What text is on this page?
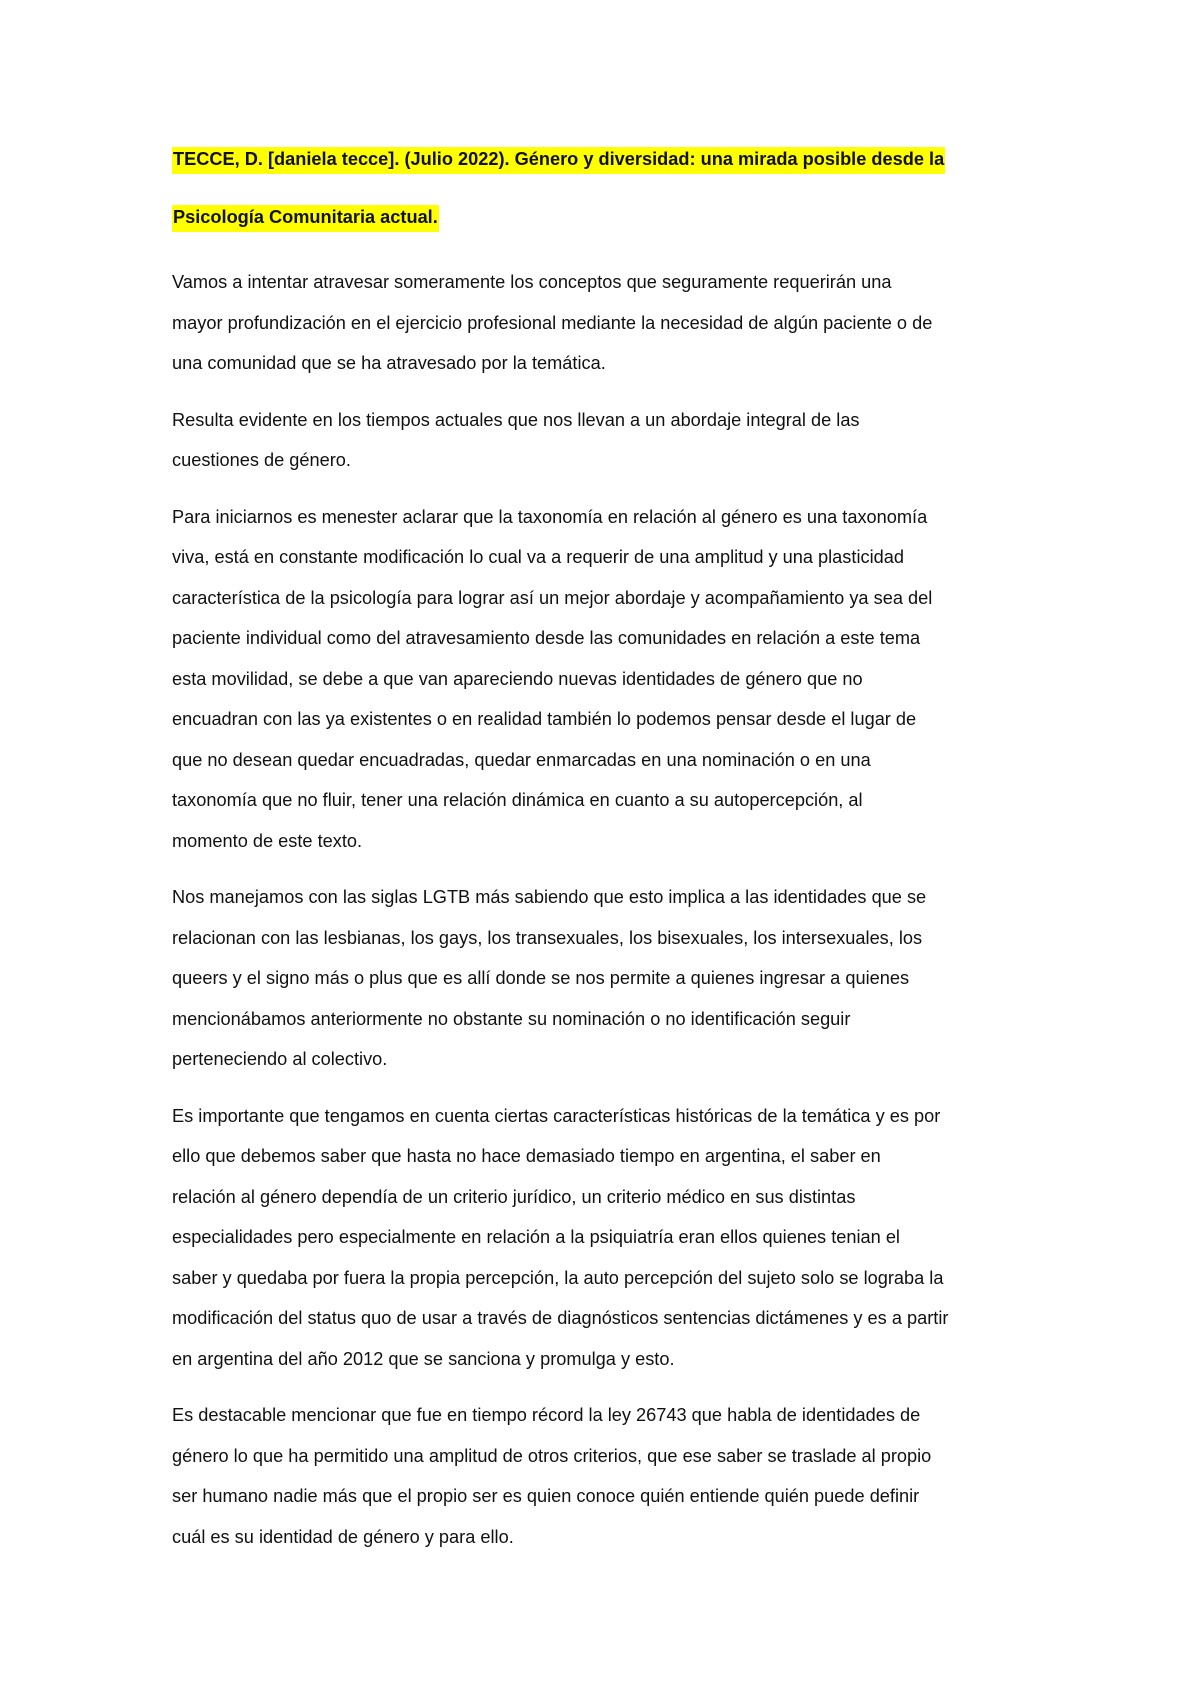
TECCE, D. [daniela tecce]. (Julio 2022). Género y diversidad: una mirada posible desde la

Psicología Comunitaria actual.

Vamos a intentar atravesar someramente los conceptos que seguramente requerirán una
mayor profundización en el ejercicio profesional mediante la necesidad de algún paciente o de
una comunidad que se ha atravesado por la temática.

Resulta evidente en los tiempos actuales que nos llevan a un abordaje integral de las
cuestiones de género.

Para iniciarnos es menester aclarar que la taxonomía en relación al género es una taxonomía
viva, está en constante modificación lo cual va a requerir de una amplitud y una plasticidad
característica de la psicología para lograr así un mejor abordaje y acompañamiento ya sea del
paciente individual como del atravesamiento desde las comunidades en relación a este tema
esta movilidad, se debe a que van apareciendo nuevas identidades de género que no
encuadran con las ya existentes o en realidad también lo podemos pensar desde el lugar de
que no desean quedar encuadradas, quedar enmarcadas en una nominación o en una
taxonomía que no fluir, tener una relación dinámica en cuanto a su autopercepción, al
momento de este texto.

Nos manejamos con las siglas LGTB más sabiendo que esto implica a las identidades que se
relacionan con las lesbianas, los gays, los transexuales, los bisexuales, los intersexuales, los
queers y el signo más o plus que es allí donde se nos permite a quienes ingresar a quienes
mencionábamos anteriormente no obstante su nominación o no identificación seguir
perteneciendo al colectivo.

Es importante que tengamos en cuenta ciertas características históricas de la temática y es por
ello que debemos saber que hasta no hace demasiado tiempo en argentina, el saber en
relación al género dependía de un criterio jurídico, un criterio médico en sus distintas
especialidades pero especialmente en relación a la psiquiatría eran ellos quienes tenian el
saber y quedaba por fuera la propia percepción, la auto percepción del sujeto solo se lograba la
modificación del status quo de usar a través de diagnósticos sentencias dictámenes y es a partir
en argentina del año 2012 que se sanciona y promulga y esto.

Es destacable mencionar que fue en tiempo récord la ley 26743 que habla de identidades de
género lo que ha permitido una amplitud de otros criterios, que ese saber se traslade al propio
ser humano nadie más que el propio ser es quien conoce quién entiende quién puede definir
cuál es su identidad de género y para ello.
